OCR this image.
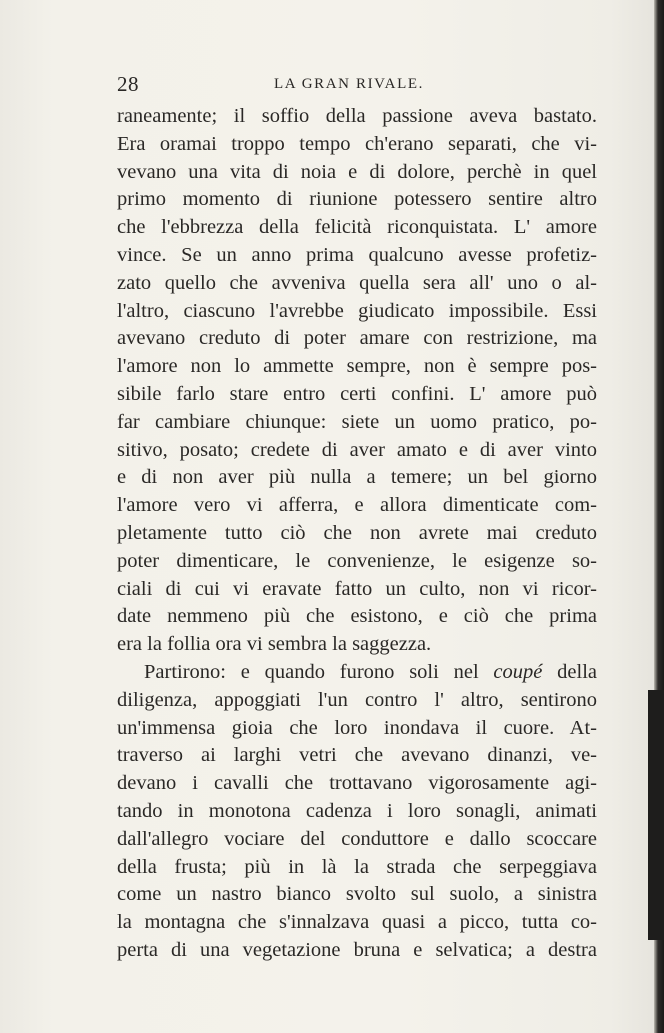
28	LA GRAN RIVALE.
raneamente; il soffio della passione aveva bastato.
Era oramai troppo tempo ch'erano separati, che vi-
vevano una vita di noia e di dolore, perchè in quel
primo momento di riunione potessero sentire altro
che l'ebbrezza della felicità riconquistata. L' amore
vince. Se un anno prima qualcuno avesse profetiz-
zato quello che avveniva quella sera all' uno o al-
l'altro, ciascuno l'avrebbe giudicato impossibile. Essi
avevano creduto di poter amare con restrizione, ma
l'amore non lo ammette sempre, non è sempre pos-
sibile farlo stare entro certi confini. L' amore può
far cambiare chiunque: siete un uomo pratico, po-
sitivo, posato; credete di aver amato e di aver vinto
e di non aver più nulla a temere; un bel giorno
l'amore vero vi afferra, e allora dimenticate com-
pletamente tutto ciò che non avrete mai creduto
poter dimenticare, le convenienze, le esigenze so-
ciali di cui vi eravate fatto un culto, non vi ricor-
date nemmeno più che esistono, e ciò che prima
era la follia ora vi sembra la saggezza.
Partirono: e quando furono soli nel coupé della
diligenza, appoggiati l'un contro l' altro, sentirono
un'immensa gioia che loro inondava il cuore. At-
traverso ai larghi vetri che avevano dinanzi, ve-
devano i cavalli che trottavano vigorosamente agi-
tando in monotona cadenza i loro sonagli, animati
dall'allegro vociare del conduttore e dallo scoccare
della frusta; più in là la strada che serpeggiava
come un nastro bianco svolto sul suolo, a sinistra
la montagna che s'innalzava quasi a picco, tutta co-
perta di una vegetazione bruna e selvatica; a destra
